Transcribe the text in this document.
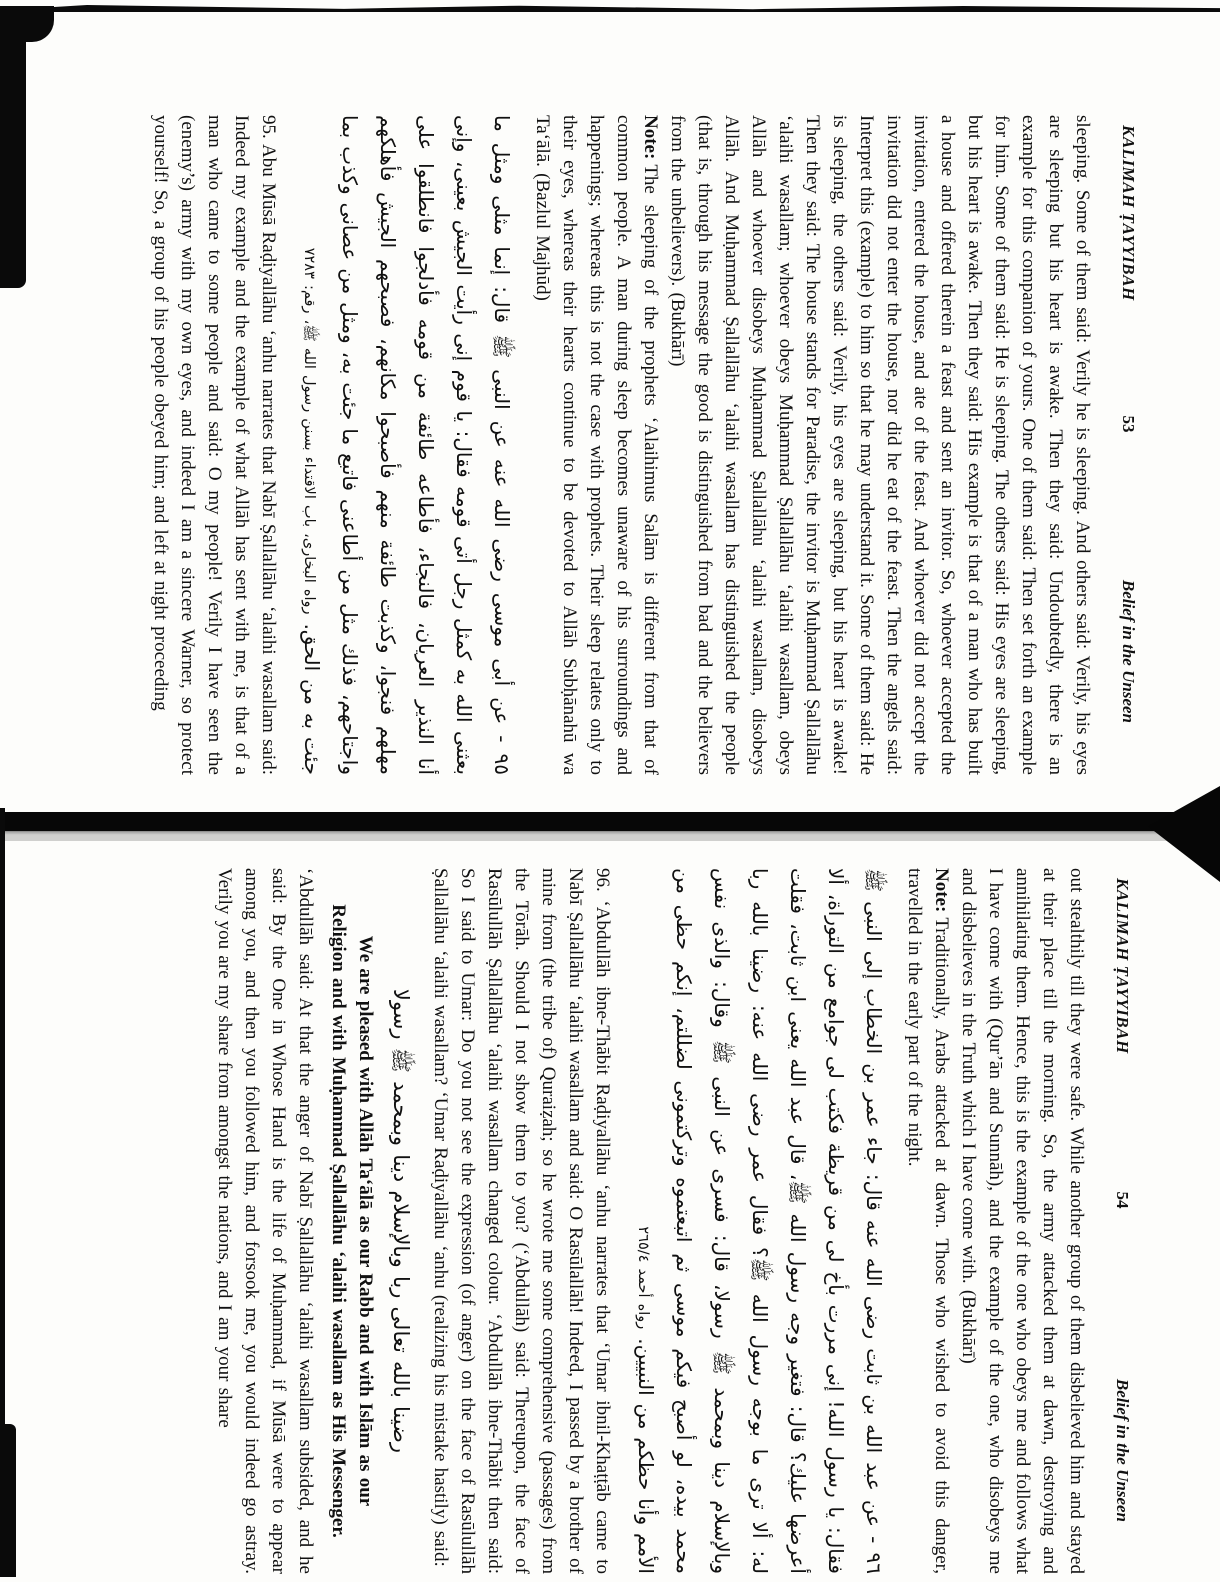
KALIMAH ṬAYYIBAH
53
Belief in the Unseen

sleeping. Some of them said: Verily he is sleeping. And others said: Verily, his eyes are sleeping but his heart is awake. Then they said: Undoubtedly, there is an example for this companion of yours. One of them said: Then set forth an example for him. Some of them said: He is sleeping. The others said: His eyes are sleeping, but his heart is awake. Then they said: His example is that of a man who has built a house and offered therein a feast and sent an invitor. So, whoever accepted the invitation, entered the house, and ate of the feast. And whoever did not accept the invitation did not enter the house, nor did he eat of the feast. Then the angels said: Interpret this (example) to him so that he may understand it. Some of them said: He is sleeping, the others said: Verily, his eyes are sleeping, but his heart is awake! Then they said: The house stands for Paradise, the invitor is Muḥammad Ṣallallāhu ‘alaihi wasallam; whoever obeys Muḥammad Ṣallallāhu ‘alaihi wasallam, obeys Allāh and whoever disobeys Muḥammad Ṣallallāhu ‘alaihi wasallam, disobeys Allāh. And Muḥammad Ṣallallāhu ‘alaihi wasallam has distinguished the people (that is, through his message the good is distinguished from bad and the believers from the unbelievers). (Bukhārī)

Note:The sleeping of the prophets ‘Alaihimus Salām is different from that of common people. A man during sleep becomes unaware of his surroundings and happenings; whereas this is not the case with prophets. Their sleep relates only to their eyes, whereas their hearts continue to be devoted to Allāh Subḥānahū wa Ta‘ālā. (Bazlul Majhūd)

٩٥ - عن أبى موسى رضى الله عنه عن النبى ﷺ قال: إنما مثلى ومثل ما بعثنى الله به كمثل رجل أتى قومه فقال: يا قوم إنى رأيت الجيش بعينى، وإنى أنا النذير العريان، فالنجاء، فأطاعه طائفة من قومه فأدلجوا فانطلقوا على مهلهم فنجوا، وكذبت طائفة منهم فأصبحوا مكانهم، فصبحهم الجيش فأهلكهم واجتاحهم، فذلك مثل من أطاعنى فاتبع ما جئت به، ومثل من عصانى وكذب بما جئت به من الحق.رواه البخارى، باب الاقتداء بسنن رسول الله ﷺ، رقم: ٧٢٨٣

95. Abu Mūsā Raḍiyallāhu ‘anhu narrates that Nabī Ṣallallāhu ‘alaihi wasallam said: Indeed my example and the example of what Allāh has sent with me, is that of a man who came to some people and said: O my people! Verily I have seen the (enemy’s) army with my own eyes, and indeed I am a sincere Warner, so protect yourself! So, a group of his people obeyed him; and left at night proceeding

KALIMAH ṬAYYIBAH
54
Belief in the Unseen

out stealthily till they were safe. While another group of them disbelieved him and stayed at their place till the morning. So, the army attacked them at dawn, destroying and annihilating them. Hence, this is the example of the one who obeys me and follows what I have come with (Qur’ān and Sunnāh), and the example of the one, who disobeys me and disbelieves in the Truth which I have come with. (Bukhārī)

Note:Traditionally, Arabs attacked at dawn. Those who wished to avoid this danger, travelled in the early part of the night.

٩٦ - عن عبد الله بن ثابت رضى الله عنه قال: جاء عمر بن الخطاب إلى النبى ﷺ فقال: يا رسول الله! إنى مررت بأخ لى من قريظة فكتب لى جوامع من التوراة، ألا أعرضها عليك؟ قال: فتغير وجه رسول الله ﷺ، قال عبد الله يعنى ابن ثابت، فقلت له: ألا ترى ما بوجه رسول الله ﷺ؟ فقال عمر رضى الله عنه: رضينا بالله ربا وبالإسلام دينا وبمحمد ﷺ رسولا، قال: فسرى عن النبى ﷺ وقال: والذى نفس محمد بيده، لو أصبح فيكم موسى ثم اتبعتموه وتركتمونى لضللتم، إنكم حظى من الأمم وأنا حظكم من النبيين.رواه أحمد ٢٦٥/٤

96. ‘Abdullāh ibne-Thābit Raḍiyallāhu ‘anhu narrates that ‘Umar ibnil-Khaṭṭāb came to Nabī Ṣallallāhu ‘alaihi wasallam and said: O Rasūlallāh! Indeed, I passed by a brother of mine from (the tribe of) Quraiẓah; so he wrote me some comprehensive (passages) from the Tōrāh. Should I not show them to you? (‘Abdullāh) said: Thereupon, the face of Rasūlullāh Ṣallallāhu ‘alaihi wasallam changed colour. ‘Abdullāh ibne-Thābit then said: So I said to Umar: Do you not see the expression (of anger) on the face of Rasūlullāh Ṣallallāhu ‘alaihi wasallam? ‘Umar Raḍiyallāhu ‘anhu (realizing his mistake hastily) said:

رضينا بالله تعالى ربا وبالإسلام دينا وبمحمد ﷺ رسولا

We are pleased with Allāh Ta‘ālā as our Rabb and with Islām as our Religion and with Muḥammad Ṣallallāhu ‘alaihi wasallam as His Messenger.

‘Abdullāh said: At that the anger of Nabī Ṣallallāhu ‘alaihi wasallam subsided, and he said: By the One in Whose Hand is the life of Muḥammad, if Mūsā were to appear among you, and then you followed him, and forsook me, you would indeed go astray. Verily you are my share from amongst the nations, and I am your share
